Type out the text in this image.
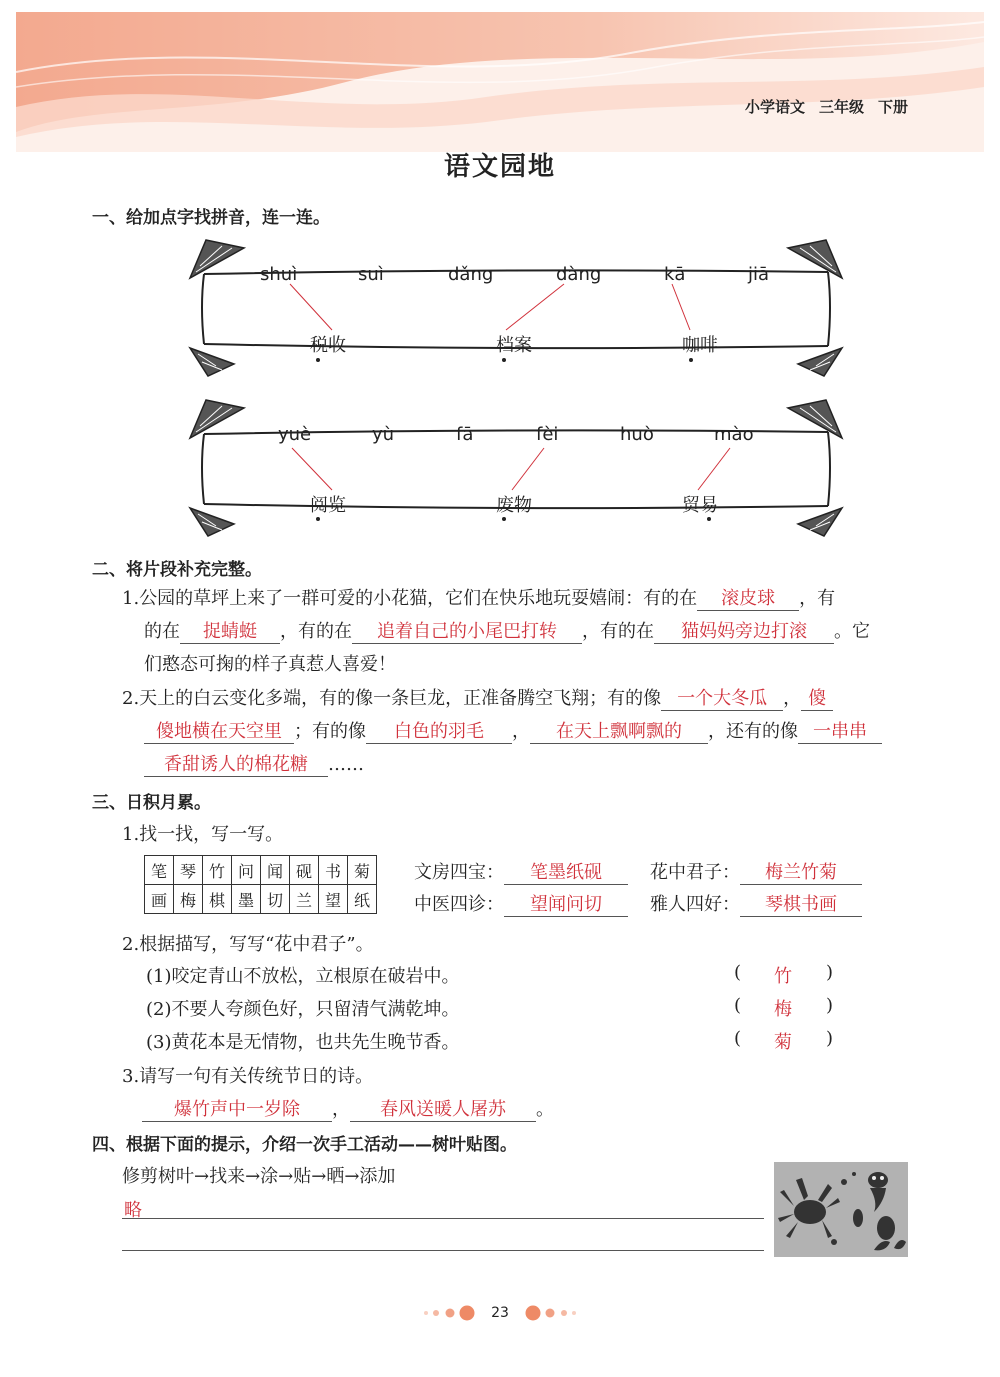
小学语文 三年级 下册
语文园地
一、给加点字找拼音，连一连。
shuì	suì	dǎng	dàng	kā	jiā
税收	档案	咖啡
yuè	yù	fā	fèi	huò	mào
阅览	废物	贸易
二、将片段补充完整。
1.公园的草坪上来了一群可爱的小花猫，它们在快乐地玩耍嬉闹：有的在 滚皮球 ，有
的在 捉蜻蜓 ，有的在 追着自己的小尾巴打转 ，有的在 猫妈妈旁边打滚 。它
们憨态可掬的样子真惹人喜爱！
2.天上的白云变化多端，有的像一条巨龙，正准备腾空飞翔；有的像 一个大冬瓜 ， 傻
傻地横在天空里 ；有的像 白色的羽毛 ， 在天上飘啊飘的 ，还有的像 一串串
香甜诱人的棉花糖 ……
三、日积月累。
1.找一找，写一写。
笔	琴	竹	问	闻	砚	书	菊
画	梅	棋	墨	切	兰	望	纸
文房四宝： 笔墨纸砚	花中君子： 梅兰竹菊
中医四诊： 望闻问切	雅人四好： 琴棋书画
2.根据描写，写写“花中君子”。
(1)咬定青山不放松，立根原在破岩中。
(2)不要人夸颜色好，只留清气满乾坤。
(3)黄花本是无情物，也共先生晚节香。
( 竹 )
( 梅 )
( 菊 )
3.请写一句有关传统节日的诗。
爆竹声中一岁除 ， 春风送暖人屠苏 。
四、根据下面的提示，介绍一次手工活动——树叶贴图。
修剪树叶→找来→涂→贴→晒→添加
略
23
